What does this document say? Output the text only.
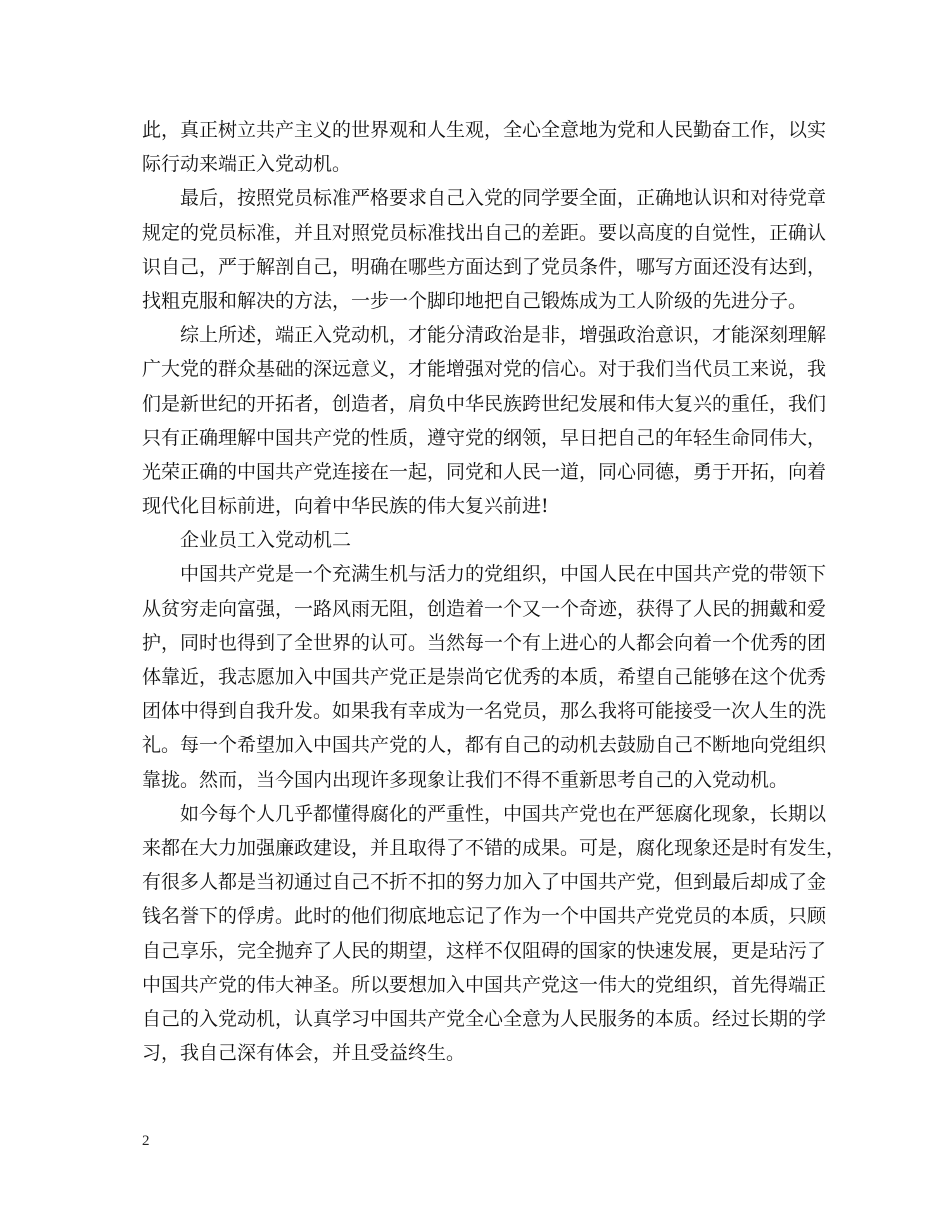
此，真正树立共产主义的世界观和人生观，全心全意地为党和人民勤奋工作，以实
际行动来端正入党动机。
最后，按照党员标准严格要求自己入党的同学要全面，正确地认识和对待党章
规定的党员标准，并且对照党员标准找出自己的差距。要以高度的自觉性，正确认
识自己，严于解剖自己，明确在哪些方面达到了党员条件，哪写方面还没有达到，
找粗克服和解决的方法，一步一个脚印地把自己锻炼成为工人阶级的先进分子。
综上所述，端正入党动机，才能分清政治是非，增强政治意识，才能深刻理解
广大党的群众基础的深远意义，才能增强对党的信心。对于我们当代员工来说，我
们是新世纪的开拓者，创造者，肩负中华民族跨世纪发展和伟大复兴的重任，我们
只有正确理解中国共产党的性质，遵守党的纲领，早日把自己的年轻生命同伟大，
光荣正确的中国共产党连接在一起，同党和人民一道，同心同德，勇于开拓，向着
现代化目标前进，向着中华民族的伟大复兴前进!
企业员工入党动机二
中国共产党是一个充满生机与活力的党组织，中国人民在中国共产党的带领下
从贫穷走向富强，一路风雨无阻，创造着一个又一个奇迹，获得了人民的拥戴和爱
护，同时也得到了全世界的认可。当然每一个有上进心的人都会向着一个优秀的团
体靠近，我志愿加入中国共产党正是崇尚它优秀的本质，希望自己能够在这个优秀
团体中得到自我升发。如果我有幸成为一名党员，那么我将可能接受一次人生的洗
礼。每一个希望加入中国共产党的人，都有自己的动机去鼓励自己不断地向党组织
靠拢。然而，当今国内出现许多现象让我们不得不重新思考自己的入党动机。
如今每个人几乎都懂得腐化的严重性，中国共产党也在严惩腐化现象，长期以
来都在大力加强廉政建设，并且取得了不错的成果。可是，腐化现象还是时有发生，
有很多人都是当初通过自己不折不扣的努力加入了中国共产党，但到最后却成了金
钱名誉下的俘虏。此时的他们彻底地忘记了作为一个中国共产党党员的本质，只顾
自己享乐，完全抛弃了人民的期望，这样不仅阻碍的国家的快速发展，更是玷污了
中国共产党的伟大神圣。所以要想加入中国共产党这一伟大的党组织，首先得端正
自己的入党动机，认真学习中国共产党全心全意为人民服务的本质。经过长期的学
习，我自己深有体会，并且受益终生。
2
